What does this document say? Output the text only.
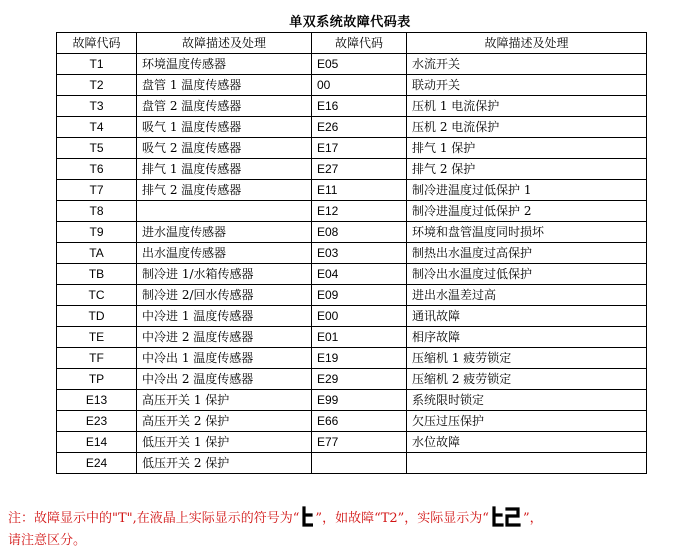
单双系统故障代码表
故障代码	故障描述及处理	故障代码	故障描述及处理
T1	环境温度传感器	E05	水流开关
T2	盘管 1 温度传感器	00	联动开关
T3	盘管 2 温度传感器	E16	压机 1 电流保护
T4	吸气 1 温度传感器	E26	压机 2 电流保护
T5	吸气 2 温度传感器	E17	排气 1 保护
T6	排气 1 温度传感器	E27	排气 2 保护
T7	排气 2 温度传感器	E11	制冷进温度过低保护 1
T8		E12	制冷进温度过低保护 2
T9	进水温度传感器	E08	环境和盘管温度同时损坏
TA	出水温度传感器	E03	制热出水温度过高保护
TB	制冷进 1/水箱传感器	E04	制冷出水温度过低保护
TC	制冷进 2/回水传感器	E09	进出水温差过高
TD	中冷进 1 温度传感器	E00	通讯故障
TE	中冷进 2 温度传感器	E01	相序故障
TF	中冷出 1 温度传感器	E19	压缩机 1 疲劳锁定
TP	中冷出 2 温度传感器	E29	压缩机 2 疲劳锁定
E13	高压开关 1 保护	E99	系统限时锁定
E23	高压开关 2 保护	E66	欠压过压保护
E14	低压开关 1 保护	E77	水位故障
E24	低压开关 2 保护		
注：故障显示中的"T",在液晶上实际显示的符号为“ ”，如故障“T2”，实际显示为“	”，
请注意区分。
